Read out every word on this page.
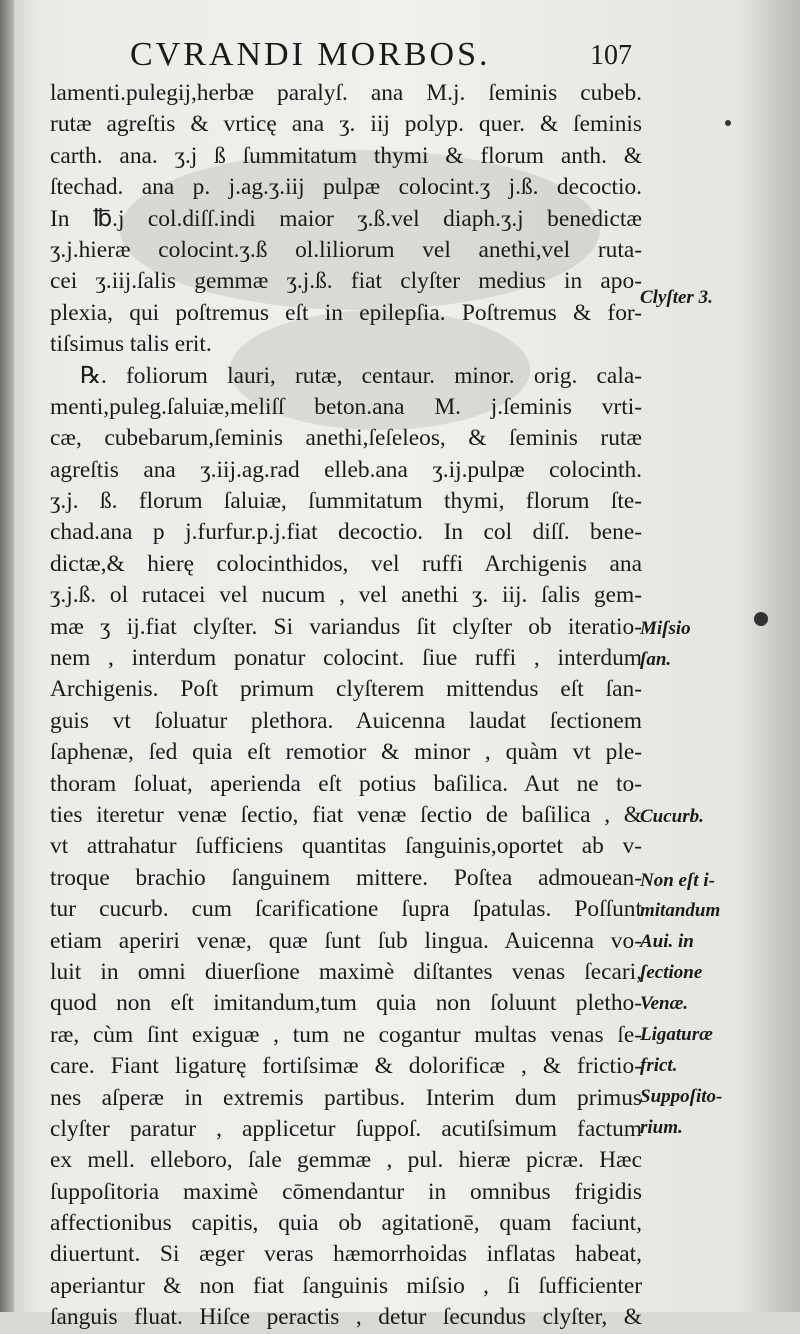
CVRANDI MORBOS.	107
lamenti.pulegij,herbæ paralyſ. ana M.j. ſeminis cubeb.
rutæ agreſtis & vrticę ana ʒ. iij polyp. quer. & ſeminis
carth. ana. ʒ.j ß ſummitatum thymi & florum anth. &
ſtechad. ana p. j.ag.ʒ.iij pulpæ colocint.ʒ j.ß. decoctio.
In ℔.j col.diſſ.indi maior ʒ.ß.vel diaph.ʒ.j benedictæ
ʒ.j.hieræ colocint.ʒ.ß ol.liliorum vel anethi,vel ruta-
cei ʒ.iij.ſalis gemmæ ʒ.j.ß. fiat clyſter medius in apo-
plexia, qui poſtremus eſt in epilepſia. Poſtremus & for-
tiſsimus talis erit.
℞. foliorum lauri, rutæ, centaur. minor. orig. cala-
menti,puleg.ſaluiæ,meliſſ beton.ana M. j.ſeminis vrti-
cæ, cubebarum,ſeminis anethi,ſeſeleos, & ſeminis rutæ
agreſtis ana ʒ.iij.ag.rad elleb.ana ʒ.ij.pulpæ colocinth.
ʒ.j. ß. florum ſaluiæ, ſummitatum thymi, florum ſte-
chad.ana p j.furfur.p.j.fiat decoctio. In col diſſ. bene-
dictæ,& hierę colocinthidos, vel ruffi Archigenis ana
ʒ.j.ß. ol rutacei vel nucum , vel anethi ʒ. iij. ſalis gem-
mæ ʒ ij.fiat clyſter. Si variandus ſit clyſter ob iteratio-
nem , interdum ponatur colocint. ſiue ruffi , interdum
Archigenis. Poſt primum clyſterem mittendus eſt ſan-
guis vt ſoluatur plethora. Auicenna laudat ſectionem
ſaphenæ, ſed quia eſt remotior & minor , quàm vt ple-
thoram ſoluat, aperienda eſt potius baſilica. Aut ne to-
ties iteretur venæ ſectio, fiat venæ ſectio de baſilica , &
vt attrahatur ſufficiens quantitas ſanguinis,oportet ab v-
troque brachio ſanguinem mittere. Poſtea admouean-
tur cucurb. cum ſcarificatione ſupra ſpatulas. Poſſunt
etiam aperiri venæ, quæ ſunt ſub lingua. Auicenna vo-
luit in omni diuerſione maximè diſtantes venas ſecari,
quod non eſt imitandum,tum quia non ſoluunt pletho-
ræ, cùm ſint exiguæ , tum ne cogantur multas venas ſe-
care. Fiant ligaturę fortiſsimæ & dolorificæ , & frictio-
nes aſperæ in extremis partibus. Interim dum primus
clyſter paratur , applicetur ſuppoſ. acutiſsimum factum
ex mell. elleboro, ſale gemmæ , pul. hieræ picræ. Hæc
ſuppoſitoria maximè cōmendantur in omnibus frigidis
affectionibus capitis, quia ob agitationē, quam faciunt,
diuertunt. Si æger veras hæmorrhoidas inflatas habeat,
aperiantur & non fiat ſanguinis miſsio , ſi ſufficienter
ſanguis fluat. Hiſce peractis , detur ſecundus clyſter, &
Clyſter 3.
Miſsio
ſan.
Cucurb.
Non eſt i-
mitandum
Aui. in
ſectione
Venæ.
Ligaturæ
frict.
Suppoſito-
rium.
